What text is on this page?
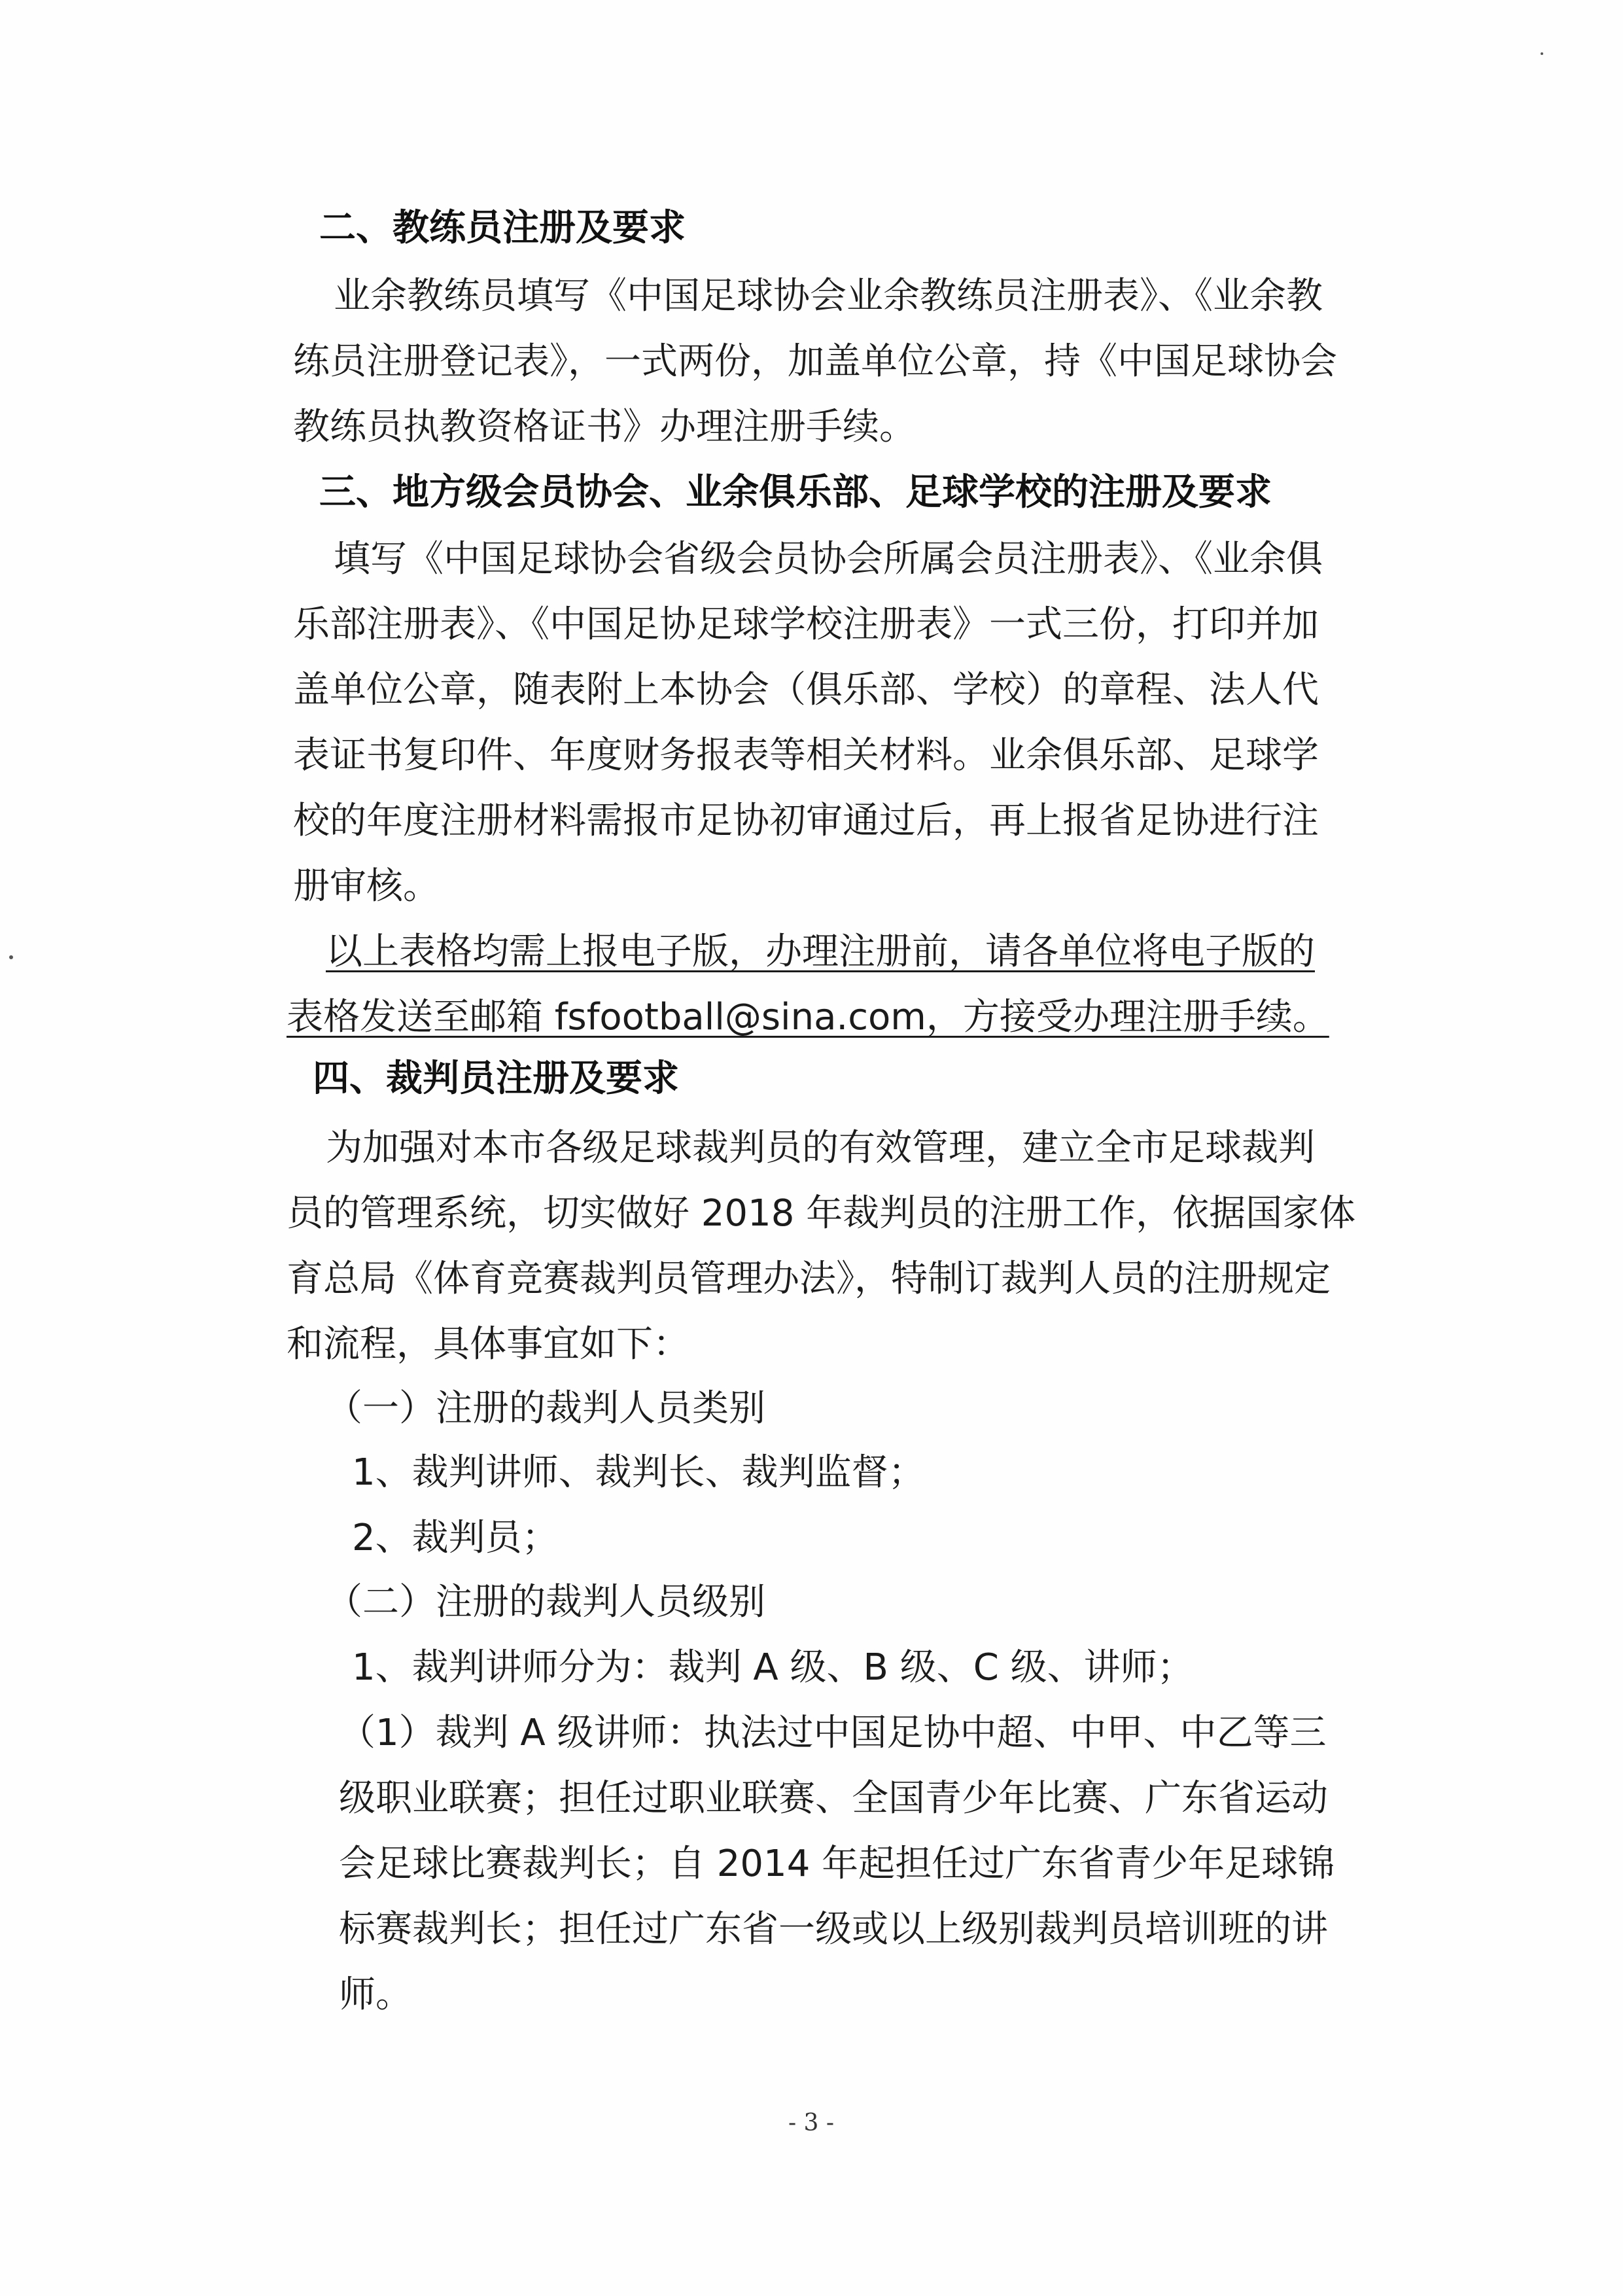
二、教练员注册及要求
业余教练员填写《中国足球协会业余教练员注册表》、《业余教
练员注册登记表》，一式两份，加盖单位公章，持《中国足球协会
教练员执教资格证书》办理注册手续。
三、地方级会员协会、业余俱乐部、足球学校的注册及要求
填写《中国足球协会省级会员协会所属会员注册表》、《业余俱
乐部注册表》、《中国足协足球学校注册表》一式三份，打印并加
盖单位公章，随表附上本协会（俱乐部、学校）的章程、法人代
表证书复印件、年度财务报表等相关材料。业余俱乐部、足球学
校的年度注册材料需报市足协初审通过后，再上报省足协进行注
册审核。
以上表格均需上报电子版，办理注册前，请各单位将电子版的
表格发送至邮箱 fsfootball@sina.com，方接受办理注册手续。
四、裁判员注册及要求
为加强对本市各级足球裁判员的有效管理，建立全市足球裁判
员的管理系统，切实做好 2018 年裁判员的注册工作，依据国家体
育总局《体育竞赛裁判员管理办法》，特制订裁判人员的注册规定
和流程，具体事宜如下：
（一）注册的裁判人员类别
1、裁判讲师、裁判长、裁判监督；
2、裁判员；
（二）注册的裁判人员级别
1、裁判讲师分为：裁判 A 级、B 级、C 级、讲师；
（1）裁判 A 级讲师：执法过中国足协中超、中甲、中乙等三
级职业联赛；担任过职业联赛、全国青少年比赛、广东省运动
会足球比赛裁判长；自 2014 年起担任过广东省青少年足球锦
标赛裁判长；担任过广东省一级或以上级别裁判员培训班的讲
师。
- 3 -
